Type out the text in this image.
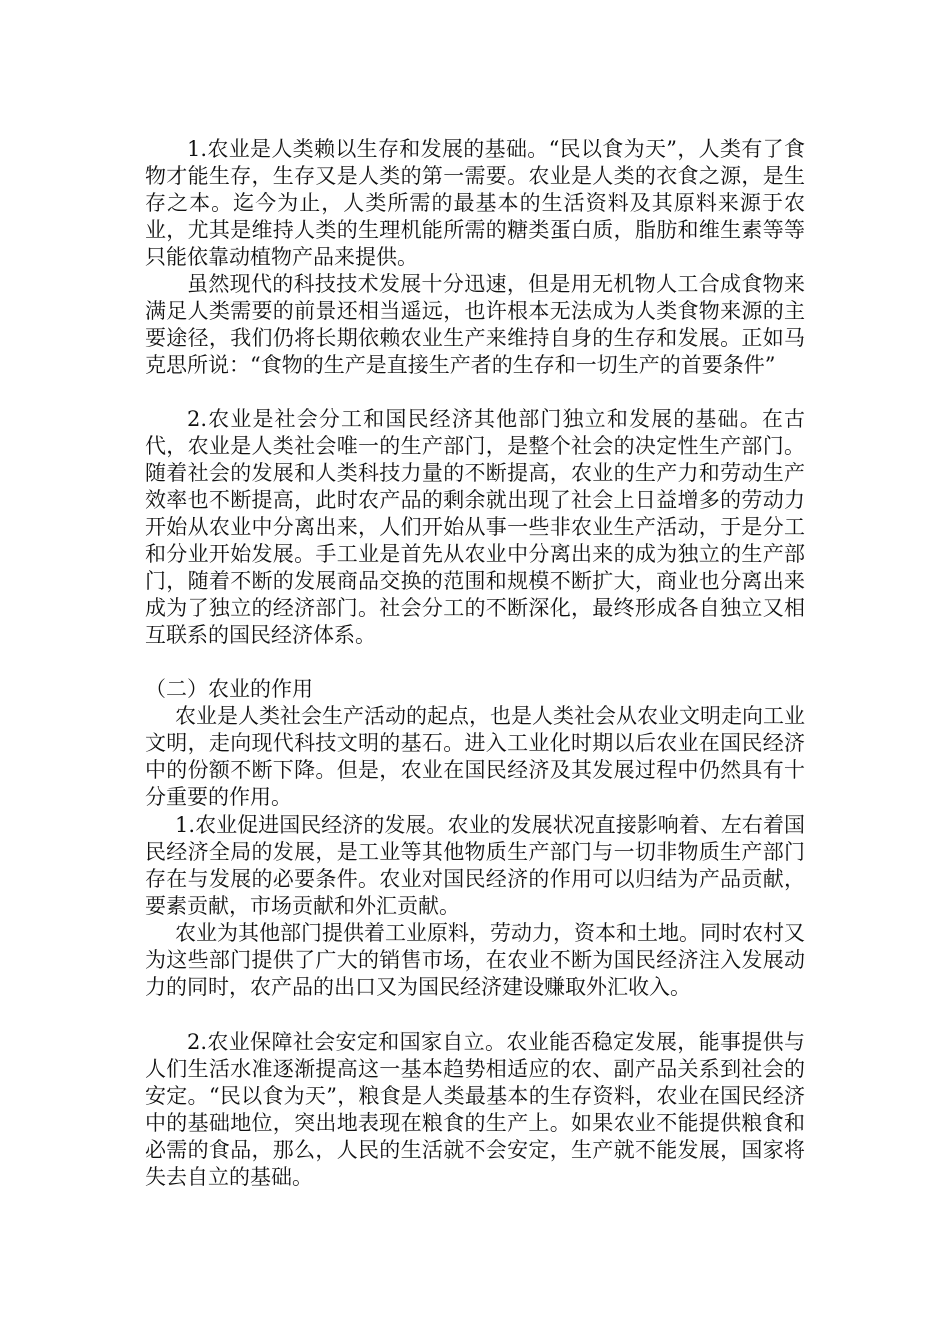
1.农业是人类赖以生存和发展的基础。“民以食为天”，人类有了食物才能生存，生存又是人类的第一需要。农业是人类的衣食之源，是生存之本。迄今为止，人类所需的最基本的生活资料及其原料来源于农业，尤其是维持人类的生理机能所需的糖类蛋白质，脂肪和维生素等等只能依靠动植物产品来提供。

虽然现代的科技技术发展十分迅速，但是用无机物人工合成食物来满足人类需要的前景还相当遥远，也许根本无法成为人类食物来源的主要途径，我们仍将长期依赖农业生产来维持自身的生存和发展。正如马克思所说：“食物的生产是直接生产者的生存和一切生产的首要条件”

2.农业是社会分工和国民经济其他部门独立和发展的基础。在古代，农业是人类社会唯一的生产部门，是整个社会的决定性生产部门。随着社会的发展和人类科技力量的不断提高，农业的生产力和劳动生产效率也不断提高，此时农产品的剩余就出现了社会上日益增多的劳动力开始从农业中分离出来，人们开始从事一些非农业生产活动，于是分工和分业开始发展。手工业是首先从农业中分离出来的成为独立的生产部门，随着不断的发展商品交换的范围和规模不断扩大，商业也分离出来成为了独立的经济部门。社会分工的不断深化，最终形成各自独立又相互联系的国民经济体系。

（二）农业的作用

农业是人类社会生产活动的起点，也是人类社会从农业文明走向工业文明，走向现代科技文明的基石。进入工业化时期以后农业在国民经济中的份额不断下降。但是，农业在国民经济及其发展过程中仍然具有十分重要的作用。

1.农业促进国民经济的发展。农业的发展状况直接影响着、左右着国民经济全局的发展，是工业等其他物质生产部门与一切非物质生产部门存在与发展的必要条件。农业对国民经济的作用可以归结为产品贡献，要素贡献，市场贡献和外汇贡献。

农业为其他部门提供着工业原料，劳动力，资本和土地。同时农村又为这些部门提供了广大的销售市场，在农业不断为国民经济注入发展动力的同时，农产品的出口又为国民经济建设赚取外汇收入。

2.农业保障社会安定和国家自立。农业能否稳定发展，能事提供与人们生活水准逐渐提高这一基本趋势相适应的农、副产品关系到社会的安定。“民以食为天”，粮食是人类最基本的生存资料，农业在国民经济中的基础地位，突出地表现在粮食的生产上。如果农业不能提供粮食和必需的食品，那么，人民的生活就不会安定，生产就不能发展，国家将失去自立的基础。
